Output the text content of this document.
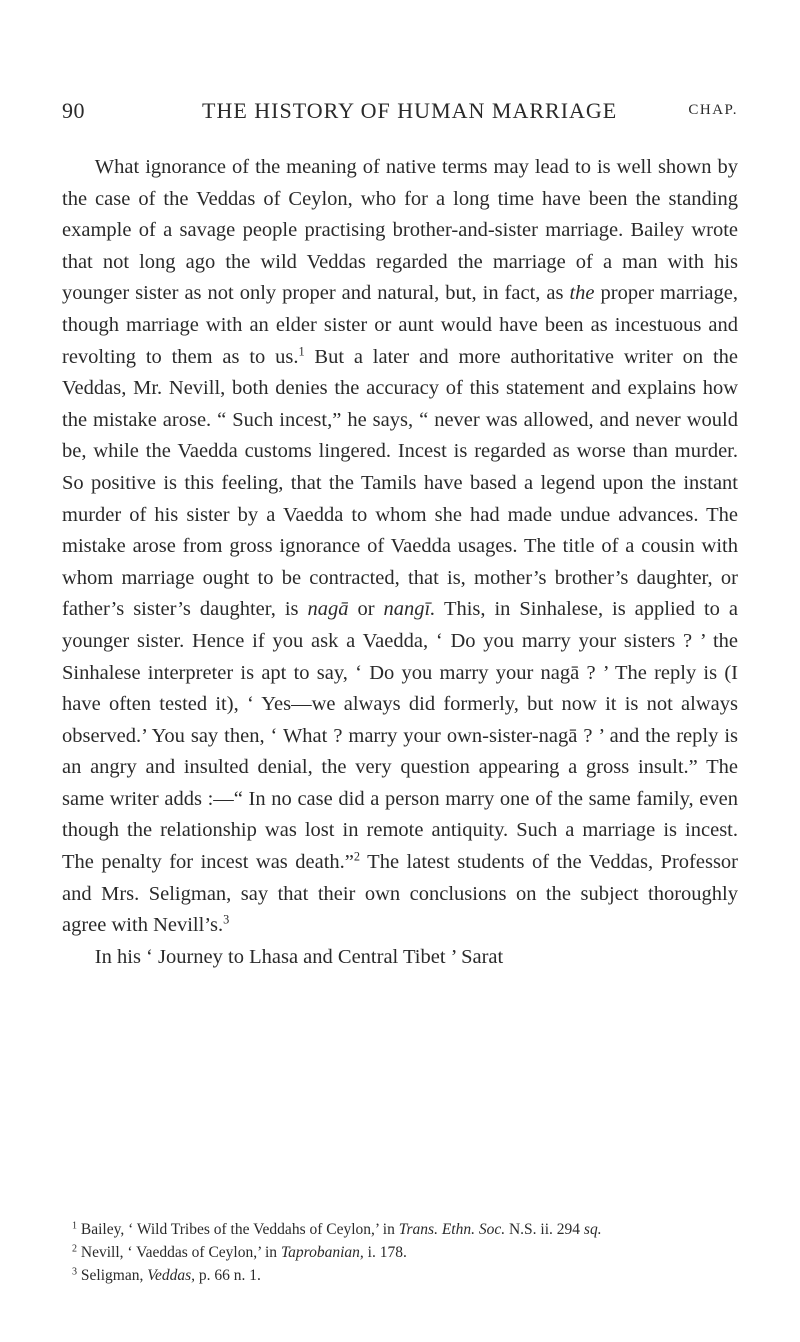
90	THE HISTORY OF HUMAN MARRIAGE	CHAP.

What ignorance of the meaning of native terms may lead to is well shown by the case of the Veddas of Ceylon, who for a long time have been the standing example of a savage people practising brother-and-sister marriage. Bailey wrote that not long ago the wild Veddas regarded the marriage of a man with his younger sister as not only proper and natural, but, in fact, as the proper marriage, though marriage with an elder sister or aunt would have been as incestuous and revolting to them as to us.$^1$ But a later and more authoritative writer on the Veddas, Mr. Nevill, both denies the accuracy of this statement and explains how the mistake arose. “ Such incest,” he says, “ never was allowed, and never would be, while the Vaedda customs lingered. Incest is regarded as worse than murder. So positive is this feeling, that the Tamils have based a legend upon the instant murder of his sister by a Vaedda to whom she had made undue advances. The mistake arose from gross ignorance of Vaedda usages. The title of a cousin with whom marriage ought to be contracted, that is, mother’s brother’s daughter, or father’s sister’s daughter, is nagā or nangī. This, in Sinhalese, is applied to a younger sister. Hence if you ask a Vaedda, ‘ Do you marry your sisters ? ’ the Sinhalese interpreter is apt to say, ‘ Do you marry your nagā ? ’ The reply is (I have often tested it), ‘ Yes—we always did formerly, but now it is not always observed.’ You say then, ‘ What ? marry your own-sister-nagā ? ’ and the reply is an angry and insulted denial, the very question appearing a gross insult.” The same writer adds :—“ In no case did a person marry one of the same family, even though the relationship was lost in remote antiquity. Such a marriage is incest. The penalty for incest was death.”$^2$ The latest students of the Veddas, Professor and Mrs. Seligman, say that their own conclusions on the subject thoroughly agree with Nevill’s.$^3$

In his ‘ Journey to Lhasa and Central Tibet ’ Sarat

$^1$ Bailey, ‘ Wild Tribes of the Veddahs of Ceylon,’ in Trans. Ethn. Soc. N.S. ii. 294 sq.

$^2$ Nevill, ‘ Vaeddas of Ceylon,’ in Taprobanian, i. 178.

$^3$ Seligman, Veddas, p. 66 n. 1.
